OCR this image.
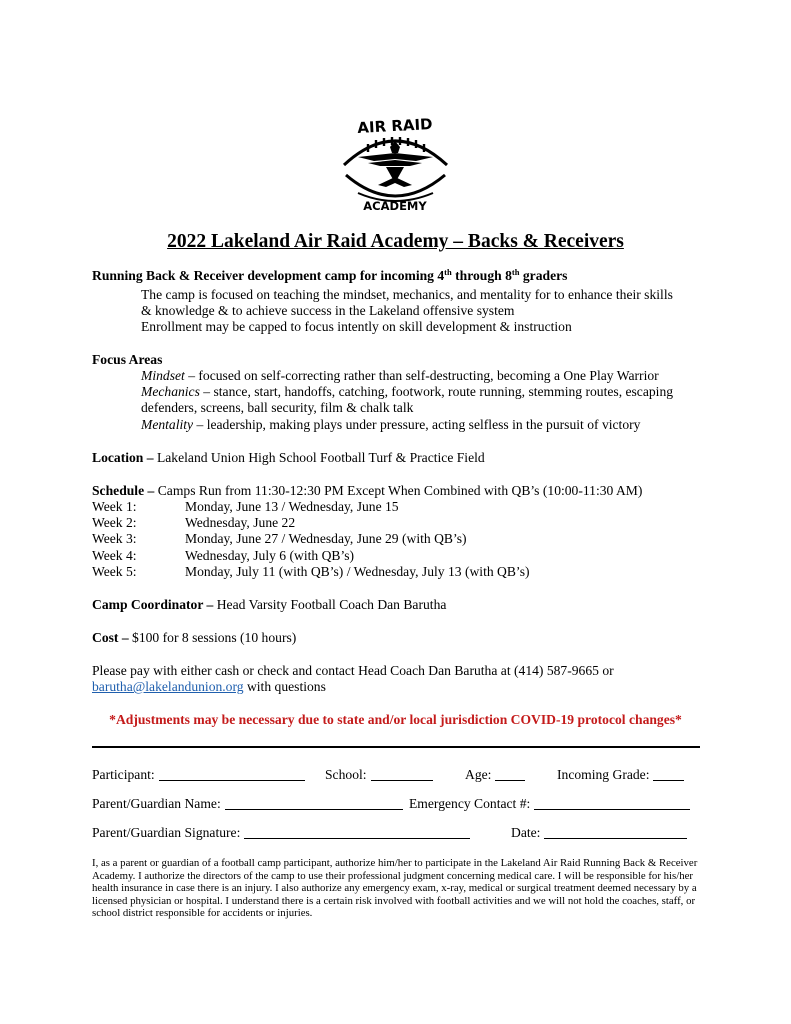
AIR RAID
ACADEMY
2022 Lakeland Air Raid Academy – Backs & Receivers
Running Back & Receiver development camp for incoming 4th through 8th graders
The camp is focused on teaching the mindset, mechanics, and mentality for to enhance their skills
& knowledge & to achieve success in the Lakeland offensive system
Enrollment may be capped to focus intently on skill development & instruction
Focus Areas
Mindset – focused on self-correcting rather than self-destructing, becoming a One Play Warrior
Mechanics – stance, start, handoffs, catching, footwork, route running, stemming routes, escaping
defenders, screens, ball security, film & chalk talk
Mentality – leadership, making plays under pressure, acting selfless in the pursuit of victory
Location – Lakeland Union High School Football Turf & Practice Field
Schedule – Camps Run from 11:30-12:30 PM Except When Combined with QB’s (10:00-11:30 AM)
Week 1:	Monday, June 13 / Wednesday, June 15
Week 2:	Wednesday, June 22
Week 3:	Monday, June 27 / Wednesday, June 29 (with QB’s)
Week 4:	Wednesday, July 6 (with QB’s)
Week 5:	Monday, July 11 (with QB’s) / Wednesday, July 13 (with QB’s)
Camp Coordinator – Head Varsity Football Coach Dan Barutha
Cost – $100 for 8 sessions (10 hours)
Please pay with either cash or check and contact Head Coach Dan Barutha at (414) 587-9665 or
barutha@lakelandunion.org with questions
*Adjustments may be necessary due to state and/or local jurisdiction COVID-19 protocol changes*
Participant:	School:	Age:	Incoming Grade:
Parent/Guardian Name:	Emergency Contact #:
Parent/Guardian Signature:	Date:
I, as a parent or guardian of a football camp participant, authorize him/her to participate in the Lakeland Air Raid Running Back & Receiver Academy. I authorize the directors of the camp to use their professional judgment concerning medical care. I will be responsible for his/her health insurance in case there is an injury. I also authorize any emergency exam, x-ray, medical or surgical treatment deemed necessary by a licensed physician or hospital. I understand there is a certain risk involved with football activities and we will not hold the coaches, staff, or school district responsible for accidents or injuries.
